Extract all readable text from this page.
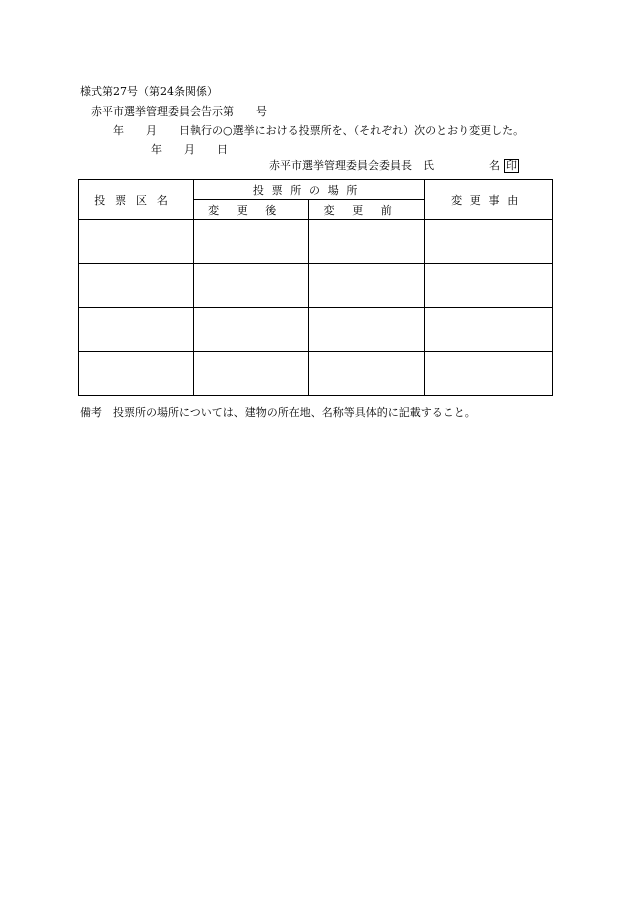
様式第27号（第24条関係）
赤平市選挙管理委員会告示第　　号
年　　月　　日執行の○選挙における投票所を、（それぞれ）次のとおり変更した。
年　　月　　日
赤平市選挙管理委員会委員長　氏　　　　　名 印
投票区名	投票所の場所		変更事由
	変更後	変更前	

備考　投票所の場所については、建物の所在地、名称等具体的に記載すること。
